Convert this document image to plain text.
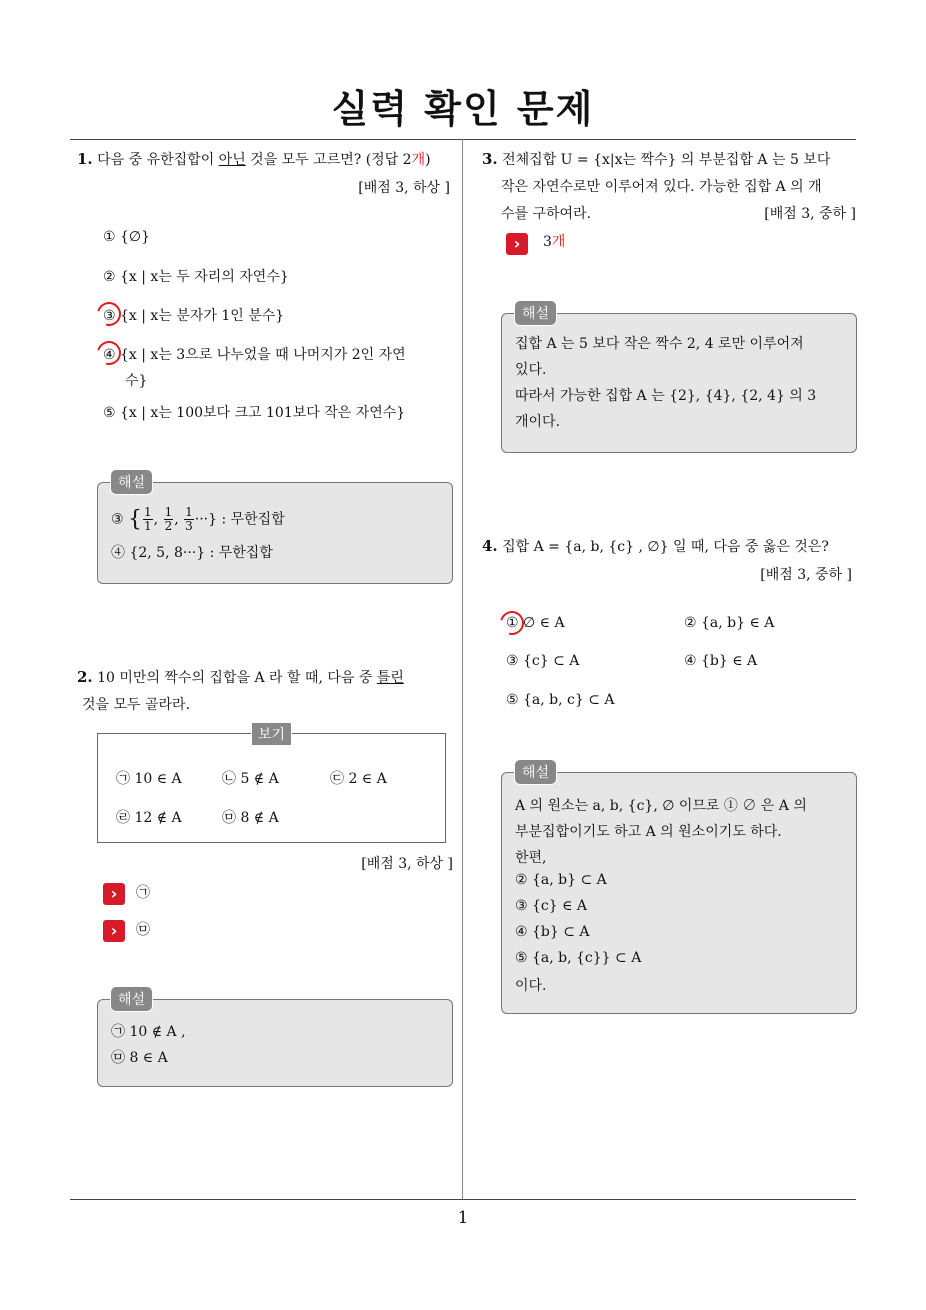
실력 확인 문제
1. 다음 중 유한집합이 아닌 것을 모두 고르면? (정답 2개)
[배점 3, 하상 ]
① {∅}
② {x | x는 두 자리의 자연수}
③ {x | x는 분자가 1인 분수}
④ {x | x는 3으로 나누었을 때 나머지가 2인 자연
수}
⑤ {x | x는 100보다 크고 101보다 작은 자연수}
해설
③ { $\frac{1}{1}$ , $\frac{1}{2}$ , $\frac{1}{3}$ ···} : 무한집합
④ {2, 5, 8···} : 무한집합
2. 10 미만의 짝수의 집합을 A 라 할 때, 다음 중 틀린
것을 모두 골라라.
보기
㉠ 10 ∈ A	㉡ 5 ∉ A	㉢ 2 ∈ A
㉣ 12 ∉ A	㉤ 8 ∉ A
[배점 3, 하상 ]
›	㉠
›	㉤
해설
㉠ 10 ∉ A ,
㉤ 8 ∈ A
3. 전체집합 U = {x|x는 짝수} 의 부분집합 A 는 5 보다
작은 자연수로만 이루어져 있다. 가능한 집합 A 의 개
수를 구하여라.	[배점 3, 중하 ]
›	3개
해설
집합 A 는 5 보다 작은 짝수 2, 4 로만 이루어져
있다.
따라서 가능한 집합 A 는 {2}, {4}, {2, 4} 의 3
개이다.
4. 집합 A = {a, b, {c} , ∅} 일 때, 다음 중 옳은 것은?
[배점 3, 중하 ]
① ∅ ∈ A	② {a, b} ∈ A
③ {c} ⊂ A	④ {b} ∈ A
⑤ {a, b, c} ⊂ A
해설
A 의 원소는 a, b, {c}, ∅ 이므로 ① ∅ 은 A 의
부분집합이기도 하고 A 의 원소이기도 하다.
한편,
② {a, b} ⊂ A
③ {c} ∈ A
④ {b} ⊂ A
⑤ {a, b, {c}} ⊂ A
이다.
1
